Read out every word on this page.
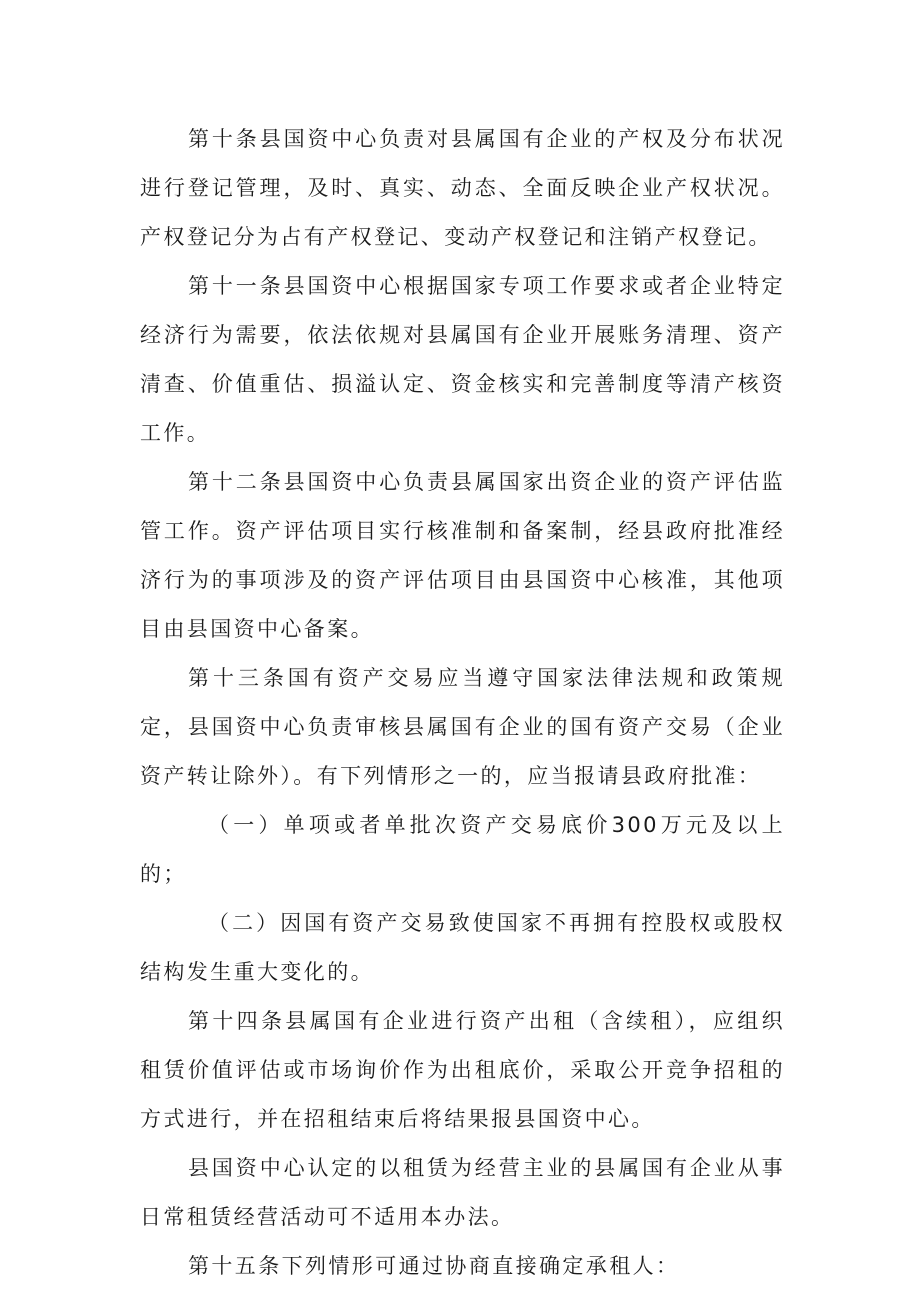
第十条县国资中心负责对县属国有企业的产权及分布状况进行登记管理，及时、真实、动态、全面反映企业产权状况。产权登记分为占有产权登记、变动产权登记和注销产权登记。

第十一条县国资中心根据国家专项工作要求或者企业特定经济行为需要，依法依规对县属国有企业开展账务清理、资产清查、价值重估、损溢认定、资金核实和完善制度等清产核资工作。

第十二条县国资中心负责县属国家出资企业的资产评估监管工作。资产评估项目实行核准制和备案制，经县政府批准经济行为的事项涉及的资产评估项目由县国资中心核准，其他项目由县国资中心备案。

第十三条国有资产交易应当遵守国家法律法规和政策规定，县国资中心负责审核县属国有企业的国有资产交易（企业资产转让除外）。有下列情形之一的，应当报请县政府批准：

（一）单项或者单批次资产交易底价300万元及以上的；

（二）因国有资产交易致使国家不再拥有控股权或股权结构发生重大变化的。

第十四条县属国有企业进行资产出租（含续租），应组织租赁价值评估或市场询价作为出租底价，采取公开竞争招租的方式进行，并在招租结束后将结果报县国资中心。

县国资中心认定的以租赁为经营主业的县属国有企业从事日常租赁经营活动可不适用本办法。

第十五条下列情形可通过协商直接确定承租人：
